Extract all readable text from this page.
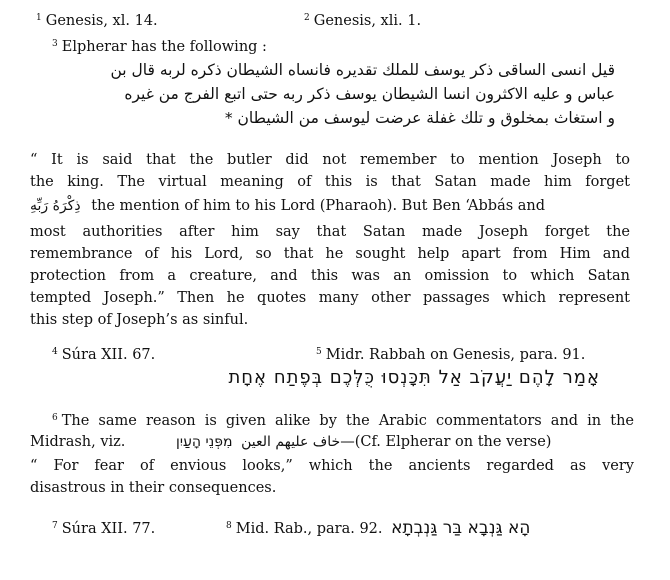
$^1$ Genesis, xl. 14.	$^2$ Genesis, xli. 1.
$^3$ Elpherar has the following :
قيل انسى الساقى ذكر يوسف للملك تقديره فانساه الشيطان ذكره لربه قال بن
عباس و عليه الاكثرون انسا الشيطان يوسف ذكر ربه حتى اتبع الفرج من غيره
و استغاث بمخلوق و تلك غفلة عرضت ليوسف من الشيطان *
“ It is said that the butler did not remember to mention Joseph to
the king. The virtual meaning of this is that Satan made him forget
ذِكْرَهُ رَبِّهِ the mention of him to his Lord (Pharaoh). But Ben ‘Abbás and
most authorities after him say that Satan made Joseph forget the
remembrance of his Lord, so that he sought help apart from Him and
protection from a creature, and this was an omission to which Satan
tempted Joseph.” Then he quotes many other passages which represent
this step of Joseph’s as sinful.
$^4$ Súra XII. 67.	$^5$ Midr. Rabbah on Genesis, para. 91.
אָמַר לָהֶם יַעֲקֹב אַל תִּכָּנְסוּ כֻּלְּכֶם בְּפֶתַח אֶחָת
$^6$ The same reason is given alike by the Arabic commentators and in the
Midrash, viz.	خاف عليهم العين מִפְּנֵי הָעַיִן	—(Cf. Elpherar on the verse)
“ For fear of envious looks,” which the ancients regarded as very
disastrous in their consequences.
$^7$ Súra XII. 77.	$^8$ Mid. Rab., para. 92. הָא גַּנְבָא בַּר גַּנְבְתָא
